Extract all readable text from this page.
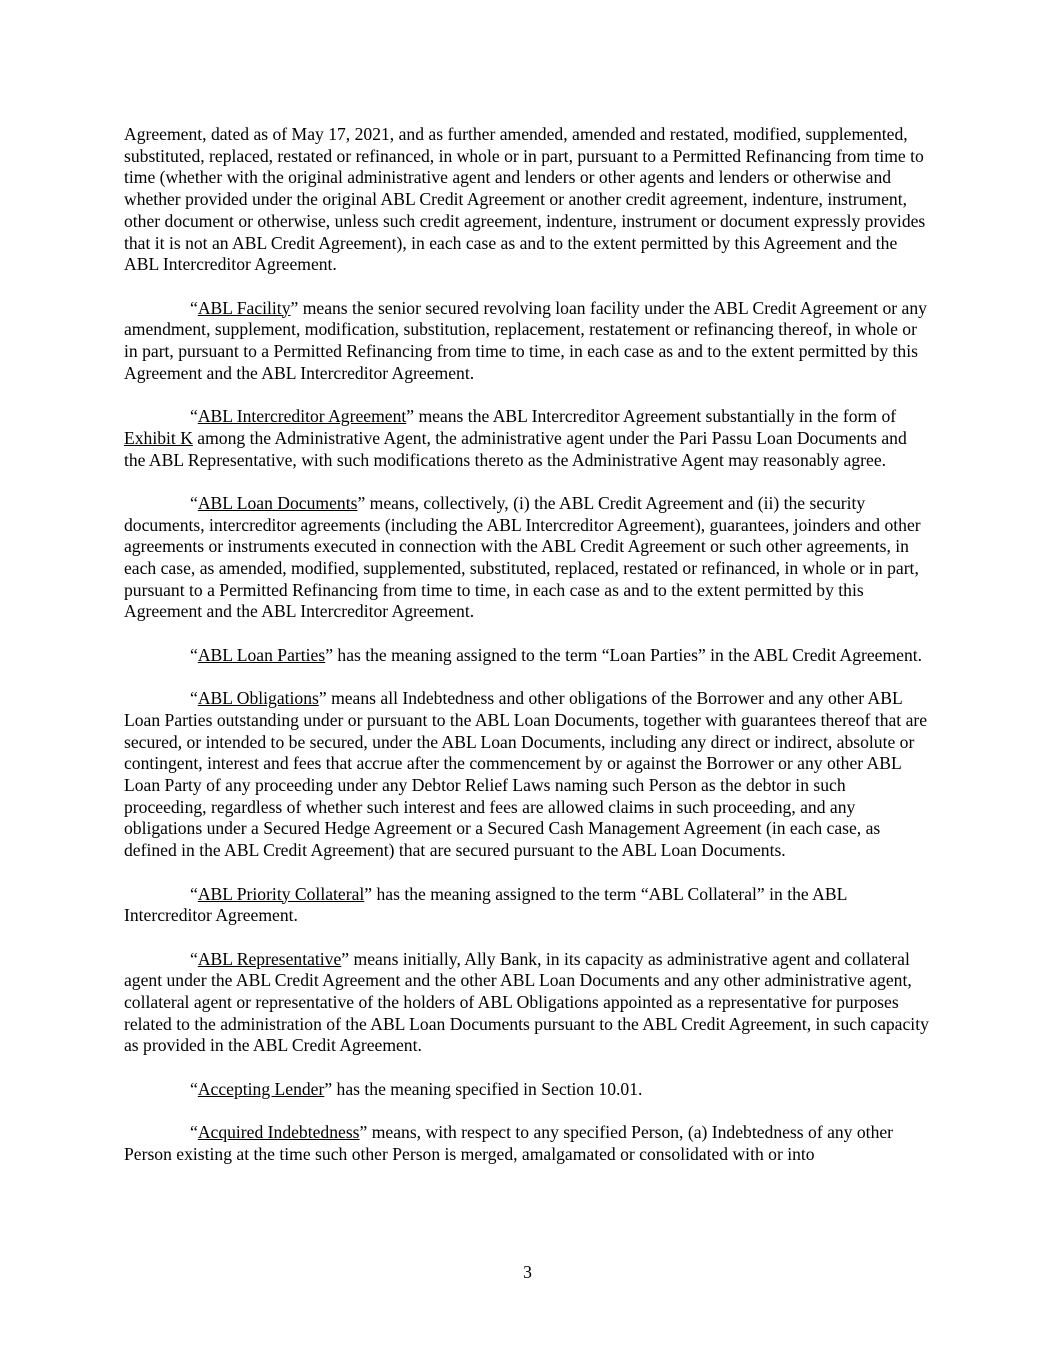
Agreement, dated as of May 17, 2021, and as further amended, amended and restated, modified, supplemented, substituted, replaced, restated or refinanced, in whole or in part, pursuant to a Permitted Refinancing from time to time (whether with the original administrative agent and lenders or other agents and lenders or otherwise and whether provided under the original ABL Credit Agreement or another credit agreement, indenture, instrument, other document or otherwise, unless such credit agreement, indenture, instrument or document expressly provides that it is not an ABL Credit Agreement), in each case as and to the extent permitted by this Agreement and the ABL Intercreditor Agreement.

“ABL Facility” means the senior secured revolving loan facility under the ABL Credit Agreement or any amendment, supplement, modification, substitution, replacement, restatement or refinancing thereof, in whole or in part, pursuant to a Permitted Refinancing from time to time, in each case as and to the extent permitted by this Agreement and the ABL Intercreditor Agreement.

“ABL Intercreditor Agreement” means the ABL Intercreditor Agreement substantially in the form of Exhibit K among the Administrative Agent, the administrative agent under the Pari Passu Loan Documents and the ABL Representative, with such modifications thereto as the Administrative Agent may reasonably agree.

“ABL Loan Documents” means, collectively, (i) the ABL Credit Agreement and (ii) the security documents, intercreditor agreements (including the ABL Intercreditor Agreement), guarantees, joinders and other agreements or instruments executed in connection with the ABL Credit Agreement or such other agreements, in each case, as amended, modified, supplemented, substituted, replaced, restated or refinanced, in whole or in part, pursuant to a Permitted Refinancing from time to time, in each case as and to the extent permitted by this Agreement and the ABL Intercreditor Agreement.

“ABL Loan Parties” has the meaning assigned to the term “Loan Parties” in the ABL Credit Agreement.

“ABL Obligations” means all Indebtedness and other obligations of the Borrower and any other ABL Loan Parties outstanding under or pursuant to the ABL Loan Documents, together with guarantees thereof that are secured, or intended to be secured, under the ABL Loan Documents, including any direct or indirect, absolute or contingent, interest and fees that accrue after the commencement by or against the Borrower or any other ABL Loan Party of any proceeding under any Debtor Relief Laws naming such Person as the debtor in such proceeding, regardless of whether such interest and fees are allowed claims in such proceeding, and any obligations under a Secured Hedge Agreement or a Secured Cash Management Agreement (in each case, as defined in the ABL Credit Agreement) that are secured pursuant to the ABL Loan Documents.

“ABL Priority Collateral” has the meaning assigned to the term “ABL Collateral” in the ABL Intercreditor Agreement.

“ABL Representative” means initially, Ally Bank, in its capacity as administrative agent and collateral agent under the ABL Credit Agreement and the other ABL Loan Documents and any other administrative agent, collateral agent or representative of the holders of ABL Obligations appointed as a representative for purposes related to the administration of the ABL Loan Documents pursuant to the ABL Credit Agreement, in such capacity as provided in the ABL Credit Agreement.

“Accepting Lender” has the meaning specified in Section 10.01.

“Acquired Indebtedness” means, with respect to any specified Person, (a) Indebtedness of any other Person existing at the time such other Person is merged, amalgamated or consolidated with or into

3
